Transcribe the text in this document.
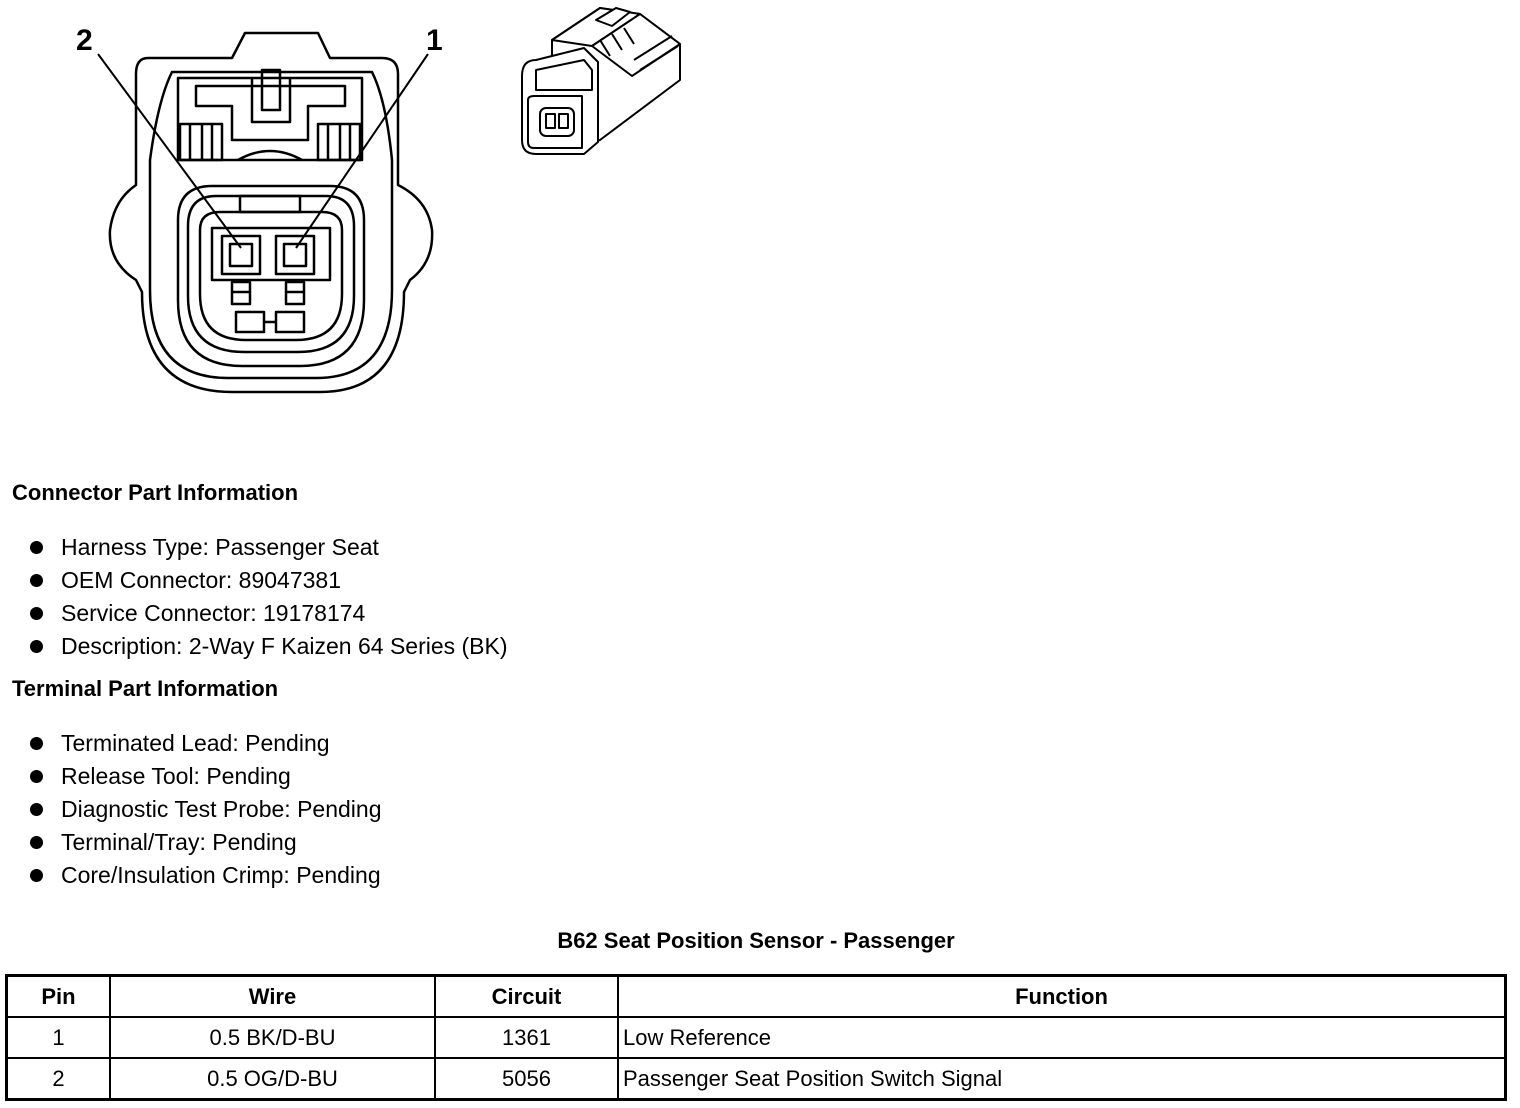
2	1
Connector Part Information
Harness Type: Passenger Seat
OEM Connector: 89047381
Service Connector: 19178174
Description: 2-Way F Kaizen 64 Series (BK)
Terminal Part Information
Terminated Lead: Pending
Release Tool: Pending
Diagnostic Test Probe: Pending
Terminal/Tray: Pending
Core/Insulation Crimp: Pending
B62 Seat Position Sensor - Passenger
Pin	Wire	Circuit	Function
1	0.5 BK/D-BU	1361	Low Reference
2	0.5 OG/D-BU	5056	Passenger Seat Position Switch Signal
